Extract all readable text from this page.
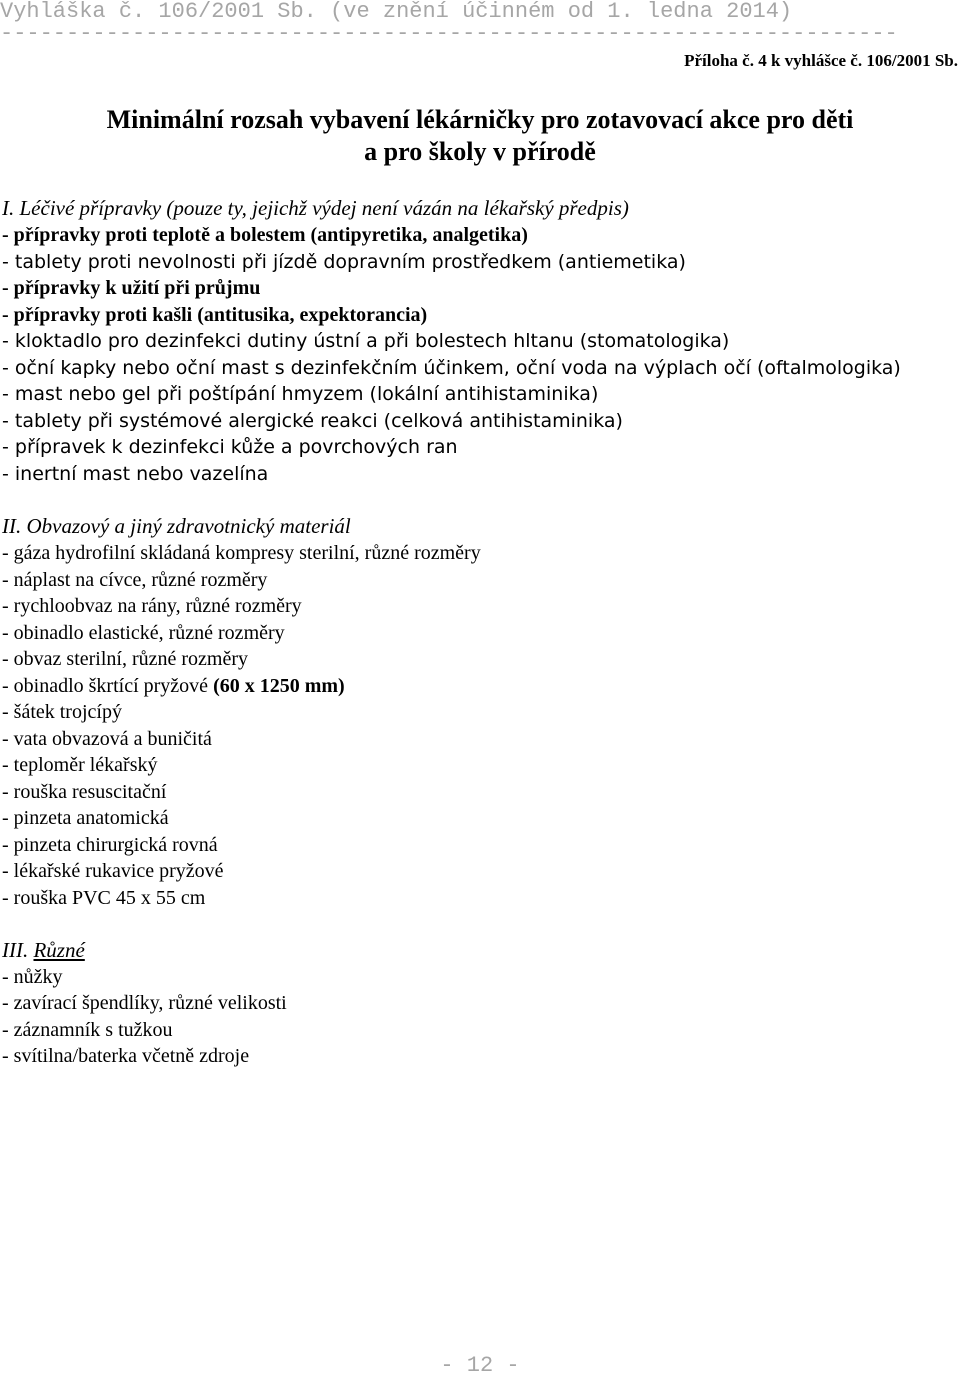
Vyhláška č. 106/2001 Sb. (ve znění účinném od 1. ledna 2014)
--------------------------------------------------------------------
Příloha č. 4 k vyhlášce č. 106/2001 Sb.
Minimální rozsah vybavení lékárničky pro zotavovací akce pro děti
a pro školy v přírodě
I. Léčivé přípravky (pouze ty, jejichž výdej není vázán na lékařský předpis)
- přípravky proti teplotě a bolestem (antipyretika, analgetika)
- tablety proti nevolnosti při jízdě dopravním prostředkem (antiemetika)
- přípravky k užití při průjmu
- přípravky proti kašli (antitusika, expektorancia)
- kloktadlo pro dezinfekci dutiny ústní a při bolestech hltanu (stomatologika)
- oční kapky nebo oční mast s dezinfekčním účinkem, oční voda na výplach očí (oftalmologika)
- mast nebo gel při poštípání hmyzem (lokální antihistaminika)
- tablety při systémové alergické reakci (celková antihistaminika)
- přípravek k dezinfekci kůže a povrchových ran
- inertní mast nebo vazelína
II. Obvazový a jiný zdravotnický materiál
- gáza hydrofilní skládaná kompresy sterilní, různé rozměry
- náplast na cívce, různé rozměry
- rychloobvaz na rány, různé rozměry
- obinadlo elastické, různé rozměry
- obvaz sterilní, různé rozměry
- obinadlo škrtící pryžové (60 x 1250 mm)
- šátek trojcípý
- vata obvazová a buničitá
- teploměr lékařský
- rouška resuscitační
- pinzeta anatomická
- pinzeta chirurgická rovná
- lékařské rukavice pryžové
- rouška PVC 45 x 55 cm
III. Různé
- nůžky
- zavírací špendlíky, různé velikosti
- záznamník s tužkou
- svítilna/baterka včetně zdroje
- 12 -
